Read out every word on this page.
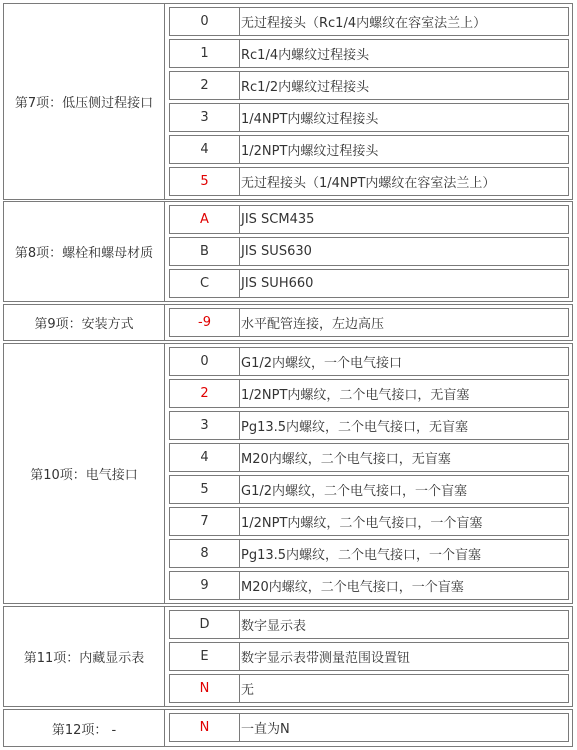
第7项：低压侧过程接口
0	无过程接头（Rc1/4内螺纹在容室法兰上）
1	Rc1/4内螺纹过程接头
2	Rc1/2内螺纹过程接头
3	1/4NPT内螺纹过程接头
4	1/2NPT内螺纹过程接头
5	无过程接头（1/4NPT内螺纹在容室法兰上）
第8项：螺栓和螺母材质
A	JIS SCM435
B	JIS SUS630
C	JIS SUH660
第9项：安装方式	-9	水平配管连接，左边高压
第10项：电气接口
0	G1/2内螺纹，一个电气接口
2	1/2NPT内螺纹，二个电气接口，无盲塞
3	Pg13.5内螺纹，二个电气接口，无盲塞
4	M20内螺纹，二个电气接口，无盲塞
5	G1/2内螺纹，二个电气接口，一个盲塞
7	1/2NPT内螺纹，二个电气接口，一个盲塞
8	Pg13.5内螺纹，二个电气接口，一个盲塞
9	M20内螺纹，二个电气接口，一个盲塞
第11项：内藏显示表
D	数字显示表
E	数字显示表带测量范围设置钮
N	无
第12项： -	N	一直为N
